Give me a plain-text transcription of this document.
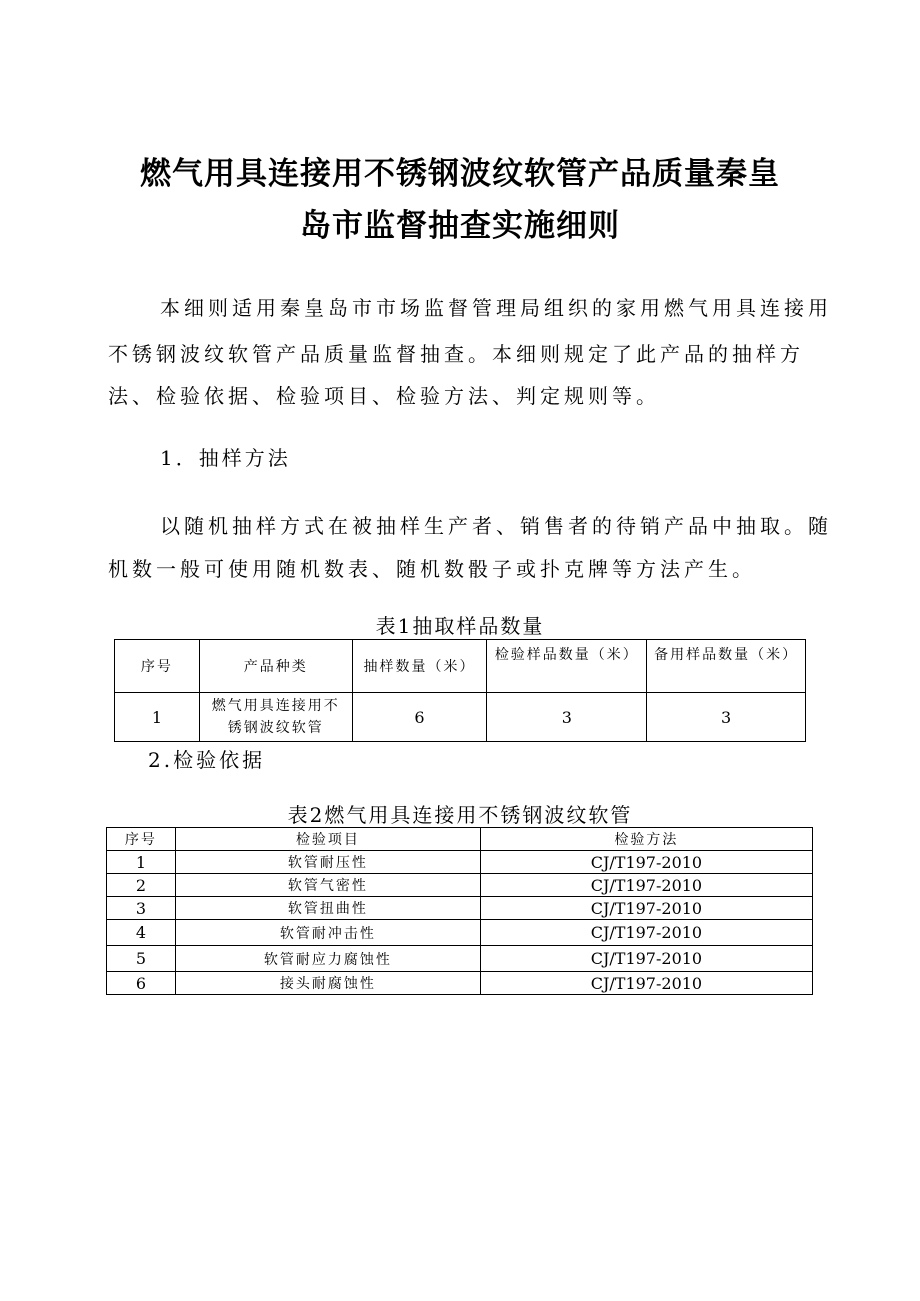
燃气用具连接用不锈钢波纹软管产品质量秦皇
岛市监督抽查实施细则
本细则适用秦皇岛市市场监督管理局组织的家用燃气用具连接用
不锈钢波纹软管产品质量监督抽查。本细则规定了此产品的抽样方
法、检验依据、检验项目、检验方法、判定规则等。
1．抽样方法
以随机抽样方式在被抽样生产者、销售者的待销产品中抽取。随
机数一般可使用随机数表、随机数骰子或扑克牌等方法产生。
表1抽取样品数量
序号	产品种类	抽样数量（米）	检验样品数量（米）	备用样品数量（米）
1	燃气用具连接用不锈钢波纹软管	6	3	3
2.检验依据
表2燃气用具连接用不锈钢波纹软管
序号	检验项目	检验方法
1	软管耐压性	CJ/T197-2010
2	软管气密性	CJ/T197-2010
3	软管扭曲性	CJ/T197-2010
4	软管耐冲击性	CJ/T197-2010
5	软管耐应力腐蚀性	CJ/T197-2010
6	接头耐腐蚀性	CJ/T197-2010
